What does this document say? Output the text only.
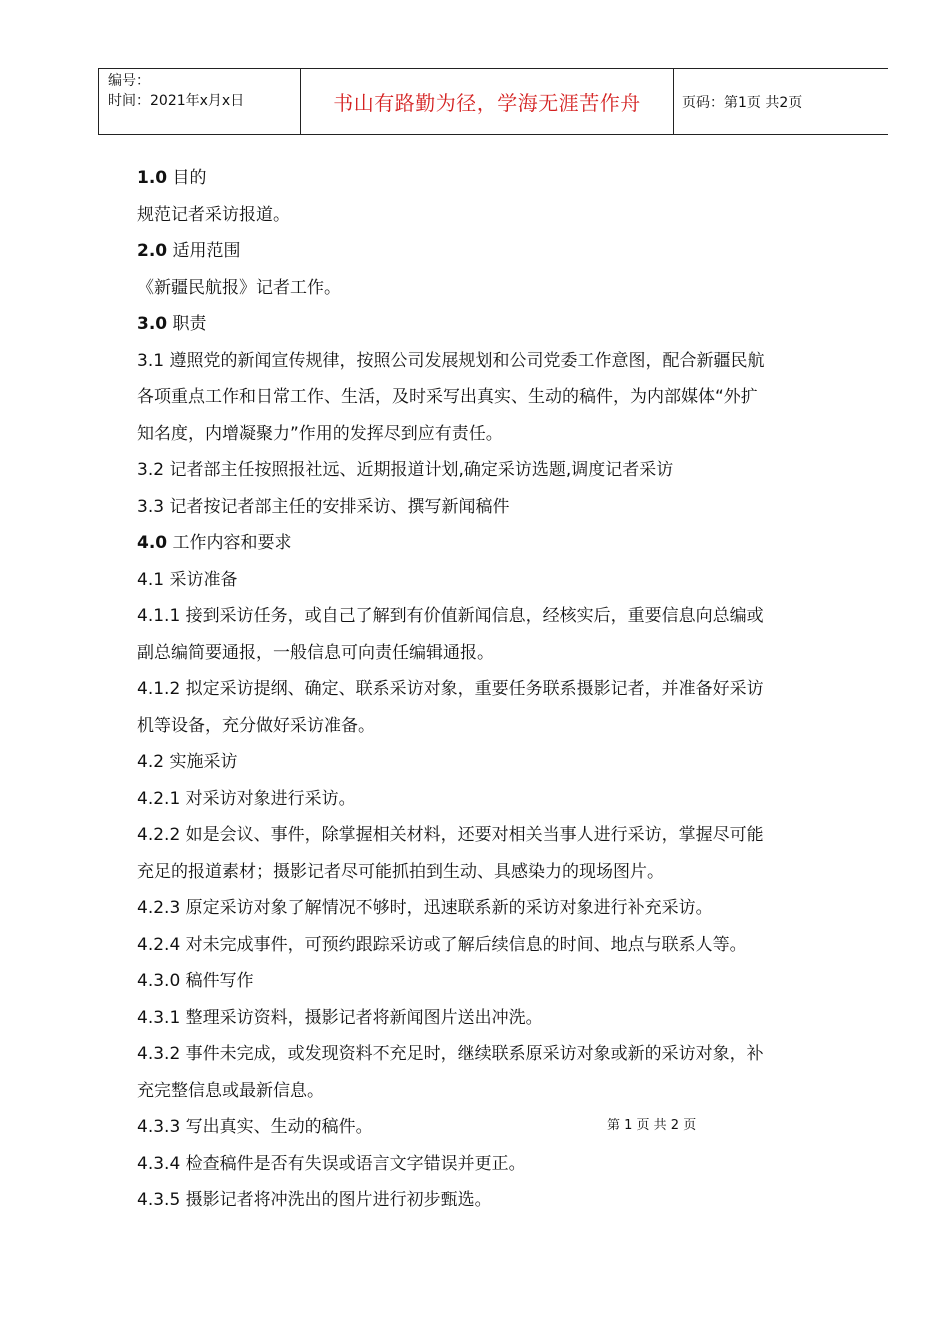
编号：
时间：2021年x月x日	书山有路勤为径，学海无涯苦作舟	页码：第1页 共2页

1.0 目的

规范记者采访报道。

2.0 适用范围

《新疆民航报》记者工作。

3.0 职责

3.1 遵照党的新闻宣传规律，按照公司发展规划和公司党委工作意图，配合新疆民航

各项重点工作和日常工作、生活，及时采写出真实、生动的稿件，为内部媒体“外扩

知名度，内增凝聚力”作用的发挥尽到应有责任。

3.2 记者部主任按照报社远、近期报道计划,确定采访选题,调度记者采访

3.3 记者按记者部主任的安排采访、撰写新闻稿件

4.0 工作内容和要求

4.1 采访准备

4.1.1 接到采访任务，或自己了解到有价值新闻信息，经核实后，重要信息向总编或

副总编简要通报，一般信息可向责任编辑通报。

4.1.2 拟定采访提纲、确定、联系采访对象，重要任务联系摄影记者，并准备好采访

机等设备，充分做好采访准备。

4.2 实施采访

4.2.1 对采访对象进行采访。

4.2.2 如是会议、事件，除掌握相关材料，还要对相关当事人进行采访，掌握尽可能

充足的报道素材；摄影记者尽可能抓拍到生动、具感染力的现场图片。

4.2.3 原定采访对象了解情况不够时，迅速联系新的采访对象进行补充采访。

4.2.4 对未完成事件，可预约跟踪采访或了解后续信息的时间、地点与联系人等。

4.3.0 稿件写作

4.3.1 整理采访资料，摄影记者将新闻图片送出冲洗。

4.3.2 事件未完成，或发现资料不充足时，继续联系原采访对象或新的采访对象，补

充完整信息或最新信息。

4.3.3 写出真实、生动的稿件。

4.3.4 检查稿件是否有失误或语言文字错误并更正。

4.3.5 摄影记者将冲洗出的图片进行初步甄选。

第 1 页 共 2 页
